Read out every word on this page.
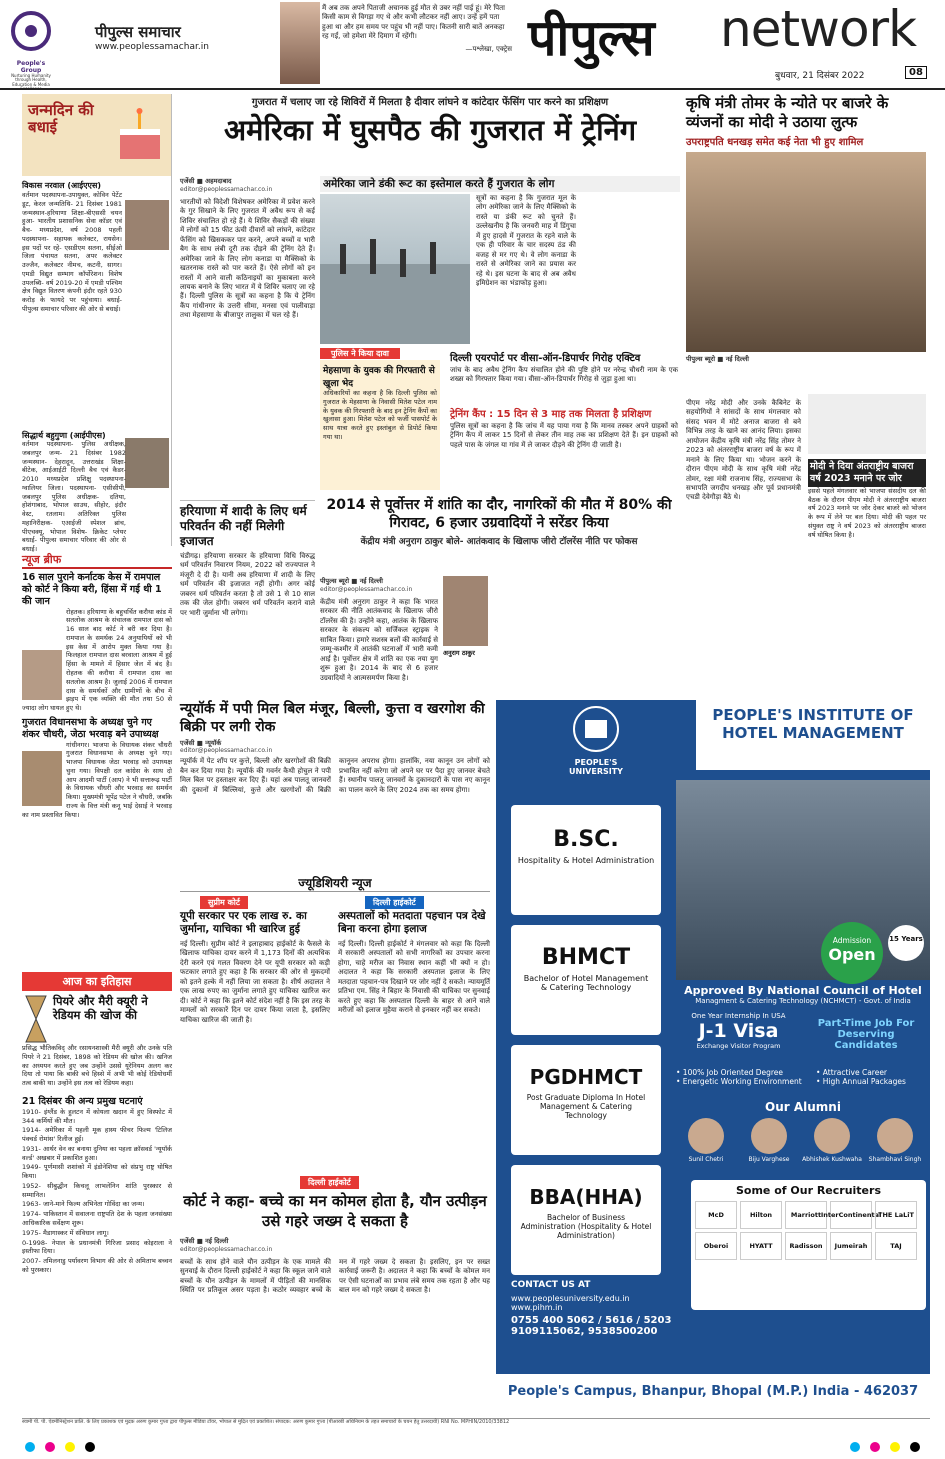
People's Group
Nurturing Humanity through Health, Education & Media
पीपुल्स समाचार
www.peoplessamachar.in
मैं अब तक अपने पिताजी अचानक हुई मौत से उबर नहीं पाई हूं। मेरे पिता किसी काम से विगड़ा गए थे और कभी लौटकर नहीं आए। उन्हें हमें पता हुआ था और हम समय पर पहुंच भी नहीं पाए। कितनी सारी बातें अनकहा रह गईं, जो हमेशा मेरे दिमाग में रहेंगी।
—पश्लेखा, एक्ट्रेस पीपुल्स network
बुधवार, 21 दिसंबर 2022	08
जन्मदिन की बधाई
विकास नरवाल (आईएएस)
वर्तमान पदस्थापना-उपायुक्त, कोविन पेटेंट डूट, केरल जन्मतिथि- 21 दिसंबर 1981 जन्मस्थान-हरियाणा शिक्षा-बीएससी चयन हुआ- भारतीय प्रशासनिक सेवा कॉडर एवं बैच- मध्यप्रदेश, वर्ष 2008 पहली पदस्थापना- सहायक कलेक्टर, रायसेन। इस पदों पर रहे- एसडीएम सतना, सीईओ जिला पंचायत सतना, अपर कलेक्टर उज्जैन, कलेक्टर नीमच, कटनी, सागर। एमडी विद्युत सम्भाग कॉर्पोरेशन। विशेष उपलब्धि- वर्ष 2019-20 में एमडी पश्चिम क्षेत्र विद्युत वितरण कंपनी इंदौर रहते 930 करोड़ के फायदे पर पहुंचाया। बधाई- पीपुल्स समाचार परिवार की ओर से बधाई।
सिद्धार्थ बहुगुणा (आईपीएस)
वर्तमान पदस्थापना- पुलिस अधीक्षक, जबलपुर जन्म- 21 दिसंबर 1982 जन्मस्थान- देहरादून, उत्तराखंड शिक्षा- बीटेक, आईआईटी दिल्ली बैच एवं कैडर- 2010 मध्यप्रदेश प्रशिक्षु पदस्थापना- ग्वालियर जिला। पदस्थापना- एसीसीपी, जबलपुर पुलिस अधीक्षक- दतिया, होशंगाबाद, भोपाल साउथ, सीहोर, इंदौर वेस्ट, रतलाम। अतिरिक्त पुलिस महानिरीक्षक- एआईजी स्पेशल ब्रांच, पीएचक्यू, भोपाल विशेष- क्रिकेट प्लेयर बधाई- पीपुल्स समाचार परिवार की ओर से बधाई।
न्यूज ब्रीफ
16 साल पुराने कर्नाटक केस में रामपाल को कोर्ट ने किया बरी, हिंसा में गई थी 1 की जान
रोहतक। हरियाणा के बहुचर्चित करौथा कांड में सतलोक आश्रम के संचालक रामपाल दास को 16 साल बाद कोर्ट ने बरी कर दिया है। रामपाल के समर्थक 24 अनुयायियों को भी इस केस में आरोप मुक्त किया गया है। फिलहाल रामपाल दास बरवाला आश्रम में हुई हिंसा के मामले में हिसार जेल में बंद है। रोहतक की करौथा में रामपाल दास का सतलोक आश्रम है। जुलाई 2006 में रामपाल दास के समर्थकों और ग्रामीणों के बीच में झड़प में एक व्यक्ति की मौत तथा 50 से ज्यादा लोग घायल हुए थे।
गुजरात विधानसभा के अध्यक्ष चुने गए शंकर चौधरी, जेठा भरवाड़ बने उपाध्यक्ष
गांधीनगर। भाजपा के विधायक शंकर चौधरी गुजरात विधानसभा के अध्यक्ष चुने गए। भाजपा विधायक जेठा भरवाड़ को उपाध्यक्ष चुना गया। विपक्षी दल कांग्रेस के साथ दो आप आदमी पार्टी (आप) ने भी सत्तारूढ़ पार्टी के विधायक चौधरी और भरवाड़ का समर्थन किया। मुख्यमंत्री भूपेंद्र पटेल ने चौधरी, जबकि राज्य के वित्त मंत्री कनू भाई देसाई ने भरवाड़ का नाम प्रस्तावित किया।
आज का इतिहास
पियरे और मैरी क्यूरी ने रेडियम की खोज की
प्रसिद्ध भौतिकविद् और रसायनशास्त्री मैरी क्यूरी और उनके पति पियरे ने 21 दिसंबर, 1898 को रेडियम की खोज की। खनिज का अध्ययन करते हुए जब उन्होंने उससे यूरेनियम अलग कर दिया तो पाया कि बाकी बचे हिस्से में अभी भी कोई रेडियोधर्मी तत्व बाकी था। उन्होंने इस तत्व को रेडियम कहा।
21 दिसंबर की अन्य प्रमुख घटनाएं
1910- इंग्लैंड के हुलटन में कोयला खदान में हुए विस्फोट में 344 कर्मियों की मौत।
1914- अमेरिका में पहली मूक हास्य फीचर फिल्म 'टिलिज पंक्चर्ड रोमांस' रिलीज हुई।
1931- आर्थर वेन का बनाया दुनिया का पहला क्रॉसवर्ड 'न्यूयॉर्क वर्ल्ड' अखबार में प्रकाशित हुआ।
1949- पूर्णमासी शशांको में इंडोनेशिया को संप्रभु राष्ट्र घोषित किया।
1952- सीबुद्धीन किचलू लाभलेनिन शांति पुरस्कार से सम्मानित।
1963- जाने-माने फिल्म अभिनेता गोविंदा का जन्म।
1974- पाकिस्तान में सवालना राष्ट्रपति देश के पहला जनसंख्या आधिकारिक सर्वेक्षण शुरू।
1975- मैडागास्कर में संविधान लागू।
0-1998- नेपाल के प्रधानमंत्री गिरिजा प्रसाद कोइराला ने इस्तीफा दिया।
2007- तमिलनाडु पर्यावरण विभाग की ओर से अमिताभ बच्चन को पुरस्कार।
गुजरात में चलाए जा रहे शिविरों में मिलता है दीवार लांघने व कांटेदार फेंसिंग पार करने का प्रशिक्षण
अमेरिका में घुसपैठ की गुजरात में ट्रेनिंग
एजेंसी ■ अहमदाबाद
editor@peoplessamachar.co.in
भारतीयों को विदेशी विशेषकर अमेरिका में प्रवेश करने के गुर सिखाने के लिए गुजरात में अवैध रूप से कई शिविर संचालित हो रहे हैं। ये शिविर सैकड़ों की संख्या में लोगों को 15 फीट ऊंची दीवारों को लांघने, कांटेदार फेंसिंग को खिसककर पार करने, अपने बच्चों व भारी बैग के साथ लंबी दूरी तक दौड़ने की ट्रेनिंग देते हैं। अमेरिका जाने के लिए लोग कनाडा या मैक्सिको के खतरनाक रास्ते को पार करते हैं। ऐसे लोगों को इन रास्तों में आने वाली कठिनाइयों का मुकाबला करने लायक बनाने के लिए भारत में ये शिविर चलाए जा रहे हैं। दिल्ली पुलिस के सूत्रों का कहना है कि ये ट्रेनिंग कैंप गांधीनगर के उत्तरी सीमा, मनसा एवं पालीवाड़ा तथा मेहसाणा के बीजापुर तालुका में चल रहे हैं।
अमेरिका जाने डंकी रूट का इस्तेमाल करते हैं गुजरात के लोग
सूत्रों का कहना है कि गुजरात मूल के लोग अमेरिका जाने के लिए मैक्सिको के रास्ते या डंकी रूट को चुनते हैं। उल्लेखनीय है कि जनवरी माह में डिंगुचा में हुए हादसे में गुजरात के रहने वाले के एक ही परिवार के चार सदस्य ठंड की वजह से मर गए थे। वे लोग कनाडा के रास्ते से अमेरिका जाने का प्रयास कर रहे थे। इस घटना के बाद से अब अवैध इमिग्रेशन का भंडाफोड़ हुआ।
पुलिस ने किया दावा
मेहसाणा के युवक की गिरफ्तारी से खुला भेद
अधिकारियों का कहना है कि दिल्ली पुलिस को गुजरात के मेहसाणा के निवासी मितेश पटेल नाम के युवक की गिरफ्तारी के बाद इन ट्रेनिंग कैंपों का खुलासा हुआ। मितेश पटेल को फर्जी पासपोर्ट के साथ यात्रा करते हुए इस्तांबुल से डिपोर्ट किया गया था।
दिल्ली एयरपोर्ट पर वीसा-ऑन-डिपार्चर गिरोह एक्टिव
जांच के बाद अवैध ट्रेनिंग कैंप संचालित होने की पुष्टि होने पर नरेन्द्र चौधरी नाम के एक शख्स को गिरफ्तार किया गया। वीसा-ऑन-डिपार्चर गिरोह से जुड़ा हुआ था।
ट्रेनिंग कैंप : 15 दिन से 3 माह तक मिलता है प्रशिक्षण
पुलिस सूत्रों का कहना है कि जांच में यह पाया गया है कि मानव तस्कर अपने ग्राहकों को ट्रेनिंग कैंप में लाकर 15 दिनों से लेकर तीन माह तक का प्रशिक्षण देते हैं। इन ग्राहकों को पहले पास के जंगल या गांव में ले जाकर दौड़ने की ट्रेनिंग दी जाती है।
कृषि मंत्री तोमर के न्योते पर बाजरे के व्यंजनों का मोदी ने उठाया लुत्फ
उपराष्ट्रपति धनखड़ समेत कई नेता भी हुए शामिल
पीपुल्स ब्यूरो ■ नई दिल्ली
पीएम नरेंद्र मोदी और उनके कैबिनेट के सहयोगियों ने सांसदों के साथ मंगलवार को संसद भवन में मोटे अनाज बाजरा से बने विभिन्न तरह के खाने का आनंद लिया। इसका आयोजन केंद्रीय कृषि मंत्री नरेंद्र सिंह तोमर ने 2023 को अंतरराष्ट्रीय बाजरा वर्ष के रूप में मनाने के लिए किया था। भोजन करने के दौरान पीएम मोदी के साथ कृषि मंत्री नरेंद्र तोमर, रक्षा मंत्री राजनाथ सिंह, राज्यसभा के सभापति जगदीप धनखड़ और पूर्व प्रधानमंत्री एचडी देवेगौड़ा बैठे थे।
मोदी ने दिया अंतराष्ट्रीय बाजरा वर्ष 2023 मनाने पर जोर
इससे पहले मंगलवार को भाजपा संसदीय दल की बैठक के दौरान पीएम मोदी ने अंतरराष्ट्रीय बाजरा वर्ष 2023 मनाने पर जोर देकर बाजरे को भोजन के रूप में लेने पर बल दिया। मोदी की पहल पर संयुक्त राष्ट्र ने वर्ष 2023 को अंतरराष्ट्रीय बाजरा वर्ष घोषित किया है।
हरियाणा में शादी के लिए धर्म परिवर्तन की नहीं मिलेगी इजाजत
चंडीगढ़। हरियाणा सरकार के हरियाणा विधि विरुद्ध धर्म परिवर्तन निवारण नियम, 2022 को राज्यपाल ने मंजूरी दे दी है। यानी अब हरियाणा में शादी के लिए धर्म परिवर्तन की इजाजत नहीं होगी। अगर कोई जबरन धर्म परिवर्तन करता है तो उसे 1 से 10 साल तक की जेल होगी। जबरन धर्म परिवर्तन कराने वाले पर भारी जुर्माना भी लगेगा।
2014 से पूर्वोत्तर में शांति का दौर, नागरिकों की मौत में 80% की गिरावट, 6 हजार उग्रवादियों ने सरेंडर किया
केंद्रीय मंत्री अनुराग ठाकुर बोले- आतंकवाद के खिलाफ जीरो टॉलरेंस नीति पर फोकस
पीपुल्स ब्यूरो ■ नई दिल्ली
editor@peoplessamachar.co.in
अनुराग ठाकुर
केंद्रीय मंत्री अनुराग ठाकुर ने कहा कि भारत सरकार की नीति आतंकवाद के खिलाफ जीरो टॉलरेंस की है। उन्होंने कहा, आतंक के खिलाफ सरकार के संकल्प को सर्जिकल स्ट्राइक ने साबित किया। हमारे सशस्त्र बलों की कार्रवाई से जम्मू-कश्मीर में आतंकी घटनाओं में भारी कमी आई है। पूर्वोत्तर क्षेत्र में शांति का एक नया युग शुरू हुआ है। 2014 के बाद से 6 हजार उग्रवादियों ने आत्मसमर्पण किया है।
न्यूयॉर्क में पपी मिल बिल मंजूर, बिल्ली, कुत्ता व खरगोश की बिक्री पर लगी रोक
एजेंसी ■ न्यूयॉर्क
editor@peoplessamachar.co.in
न्यूयॉर्क में पेट शॉप पर कुत्ते, बिल्ली और खरगोशों की बिक्री बैन कर दिया गया है। न्यूयॉर्क की गवर्नर कैथी होचुल ने पपी मिल बिल पर हस्ताक्षर कर दिए हैं। यहां अब पालतू जानवरों की दुकानों में बिल्लियां, कुत्ते और खरगोशों की बिक्री कानूनन अपराध होगा। हालांकि, नया कानून उन लोगों को प्रभावित नहीं करेगा जो अपने घर पर पैदा हुए जानवर बेचते हैं। स्थानीय पालतू जानवरों के दुकानदारों के पास नए कानून का पालन करने के लिए 2024 तक का समय होगा।
ज्यूडिशियरी न्यूज
सुप्रीम कोर्ट
यूपी सरकार पर एक लाख रु. का जुर्माना, याचिका भी खारिज हुई
नई दिल्ली। सुप्रीम कोर्ट ने इलाहाबाद हाईकोर्ट के फैसले के खिलाफ याचिका दायर करने में 1,173 दिनों की अत्यधिक देरी करने एवं गलत विवरण देने पर यूपी सरकार को कड़ी फटकार लगाते हुए कहा है कि सरकार की ओर से मुकदमों को इतने हल्के में नहीं लिया जा सकता है। शीर्ष अदालत ने एक लाख रुपए का जुर्माना लगाते हुए याचिका खारिज कर दी। कोर्ट ने कहा कि इतने कोर्ट संदेश नहीं है कि इस तरह के मामलों को सरकारें दिन पर दायर किया जाता है, इसलिए याचिका खारिज की जाती है।
दिल्ली हाईकोर्ट
अस्पतालों को मतदाता पहचान पत्र देखे बिना करना होगा इलाज
नई दिल्ली। दिल्ली हाईकोर्ट ने मंगलवार को कहा कि दिल्ली में सरकारी अस्पतालों को सभी नागरिकों का उपचार करना होगा, चाहे मरीज का निवास स्थान कहीं भी क्यों न हो। अदालत ने कहा कि सरकारी अस्पताल इलाज के लिए मतदाता पहचान-पत्र दिखाने पर जोर नहीं दे सकते। न्यायमूर्ति प्रतिभा एम. सिंह ने बिहार के निवासी की याचिका पर सुनवाई करते हुए कहा कि अस्पताल दिल्ली के बाहर से आने वाले मरीजों को इलाज मुहैया कराने से इनकार नहीं कर सकते।
दिल्ली हाईकोर्ट
कोर्ट ने कहा- बच्चे का मन कोमल होता है, यौन उत्पीड़न उसे गहरे जख्म दे सकता है
एजेंसी ■ नई दिल्ली
editor@peoplessamachar.co.in
बच्चों के साथ होने वाले यौन उत्पीड़न के एक मामले की सुनवाई के दौरान दिल्ली हाईकोर्ट ने कहा कि स्कूल जाने वाले बच्चों के यौन उत्पीड़न के मामलों में पीड़ितों की मानसिक स्थिति पर प्रतिकूल असर पड़ता है। कठोर व्यवहार बच्चे के मन में गहरे जख्म दे सकता है। इसलिए, इन पर सख्त कार्रवाई जरूरी है। अदालत ने कहा कि बच्चों के कोमल मन पर ऐसी घटनाओं का प्रभाव लंबे समय तक रहता है और यह बाल मन को गहरे जख्म दे सकता है।
PEOPLE'S INSTITUTE OF
HOTEL MANAGEMENT
PEOPLE'S UNIVERSITY
B.SC.
Hospitality & Hotel Administration
BHMCT
Bachelor of Hotel Management & Catering Technology
PGDHMCT
Post Graduate Diploma In Hotel Management & Catering Technology
BBA(HHA)
Bachelor of Business Administration (Hospitality & Hotel Administration)
Admission
Open
15 Years
Approved By National Council of Hotel
Managment & Catering Technology (NCHMCT) - Govt. of India
One Year Internship In USA
J-1 Visa
Exchange Visitor Program
Part-Time Job For Deserving Candidates
• 100% Job Oriented Degree
• Energetic Working Environment
• Attractive Career
• High Annual Packages
Our Alumni
Sunil Chetri	Biju Varghese	Abhishek Kushwaha	Shambhavi Singh
CONTACT US AT
www.peoplesuniversity.edu.in
www.pihm.in
0755 400 5062 / 5616 / 5203
9109115062, 9538500200
Some of Our Recruiters
McD	Hilton	Marriott InterContinental
THE LaLiT
Oberoi	HYATT	Radisson	Jumeirah	TAJ
People's Campus, Bhanpur, Bhopal (M.P.) India - 462037
स्वामी पी. पी. ऐडमीनिस्ट्रेशन प्रालि. के लिए प्रकाशक एवं मुद्रक अरुण कुमार गुप्ता द्वारा पीपुल्स मीडिया टॉवर, भोपाल से मुद्रित एवं प्रकाशित। संपादक: अरुण कुमार गुप्ता (पीआरबी अधिनियम के तहत समाचारों के चयन हेतु उत्तरदायी) RNI No. MPHIN/2010/33812
